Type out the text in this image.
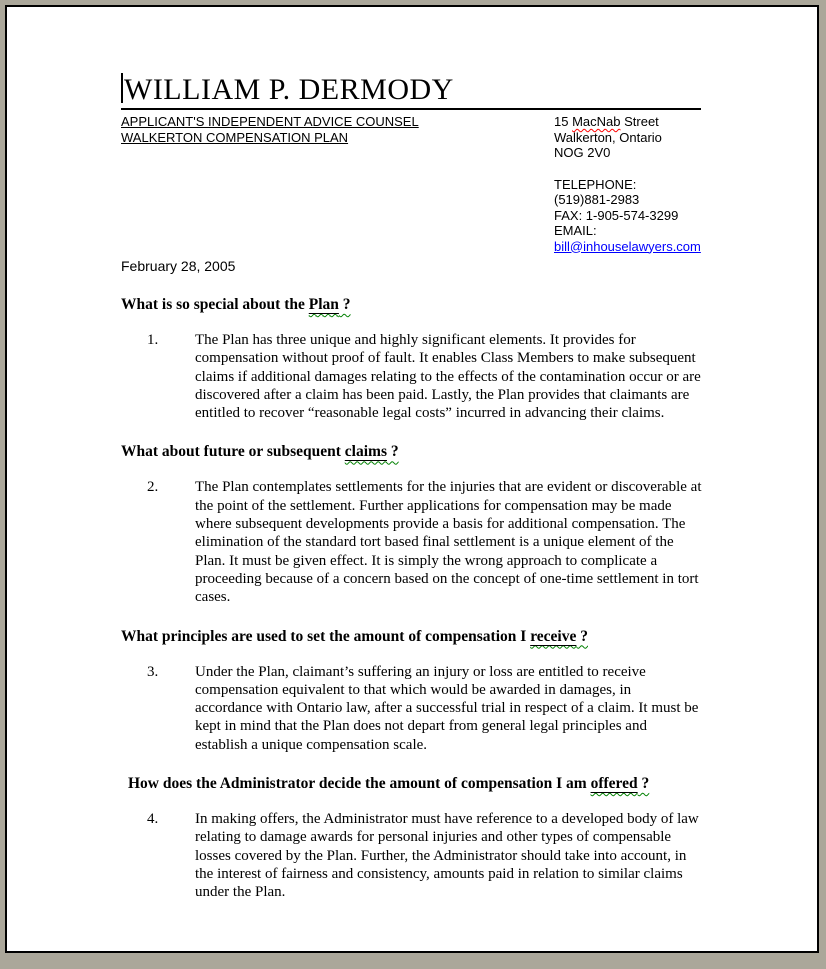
WILLIAM P. DERMODY
APPLICANT'S INDEPENDENT ADVICE COUNSEL
WALKERTON COMPENSATION PLAN
15 MacNab Street
Walkerton, Ontario
NOG 2V0
TELEPHONE:
(519)881-2983
FAX: 1-905-574-3299
EMAIL:
bill@inhouselawyers.com
February 28, 2005
What is so special about the Plan ?
1.	The Plan has three unique and highly significant elements. It provides for compensation without proof of fault. It enables Class Members to make subsequent claims if additional damages relating to the effects of the contamination occur or are discovered after a claim has been paid. Lastly, the Plan provides that claimants are entitled to recover “reasonable legal costs” incurred in advancing their claims.
What about future or subsequent claims ?
2.	The Plan contemplates settlements for the injuries that are evident or discoverable at the point of the settlement. Further applications for compensation may be made where subsequent developments provide a basis for additional compensation. The elimination of the standard tort based final settlement is a unique element of the Plan. It must be given effect. It is simply the wrong approach to complicate a proceeding because of a concern based on the concept of one-time settlement in tort cases.
What principles are used to set the amount of compensation I receive ?
3.	Under the Plan, claimant’s suffering an injury or loss are entitled to receive compensation equivalent to that which would be awarded in damages, in accordance with Ontario law, after a successful trial in respect of a claim. It must be kept in mind that the Plan does not depart from general legal principles and establish a unique compensation scale.
How does the Administrator decide the amount of compensation I am offered ?
4.	In making offers, the Administrator must have reference to a developed body of law relating to damage awards for personal injuries and other types of compensable losses covered by the Plan. Further, the Administrator should take into account, in the interest of fairness and consistency, amounts paid in relation to similar claims under the Plan.
